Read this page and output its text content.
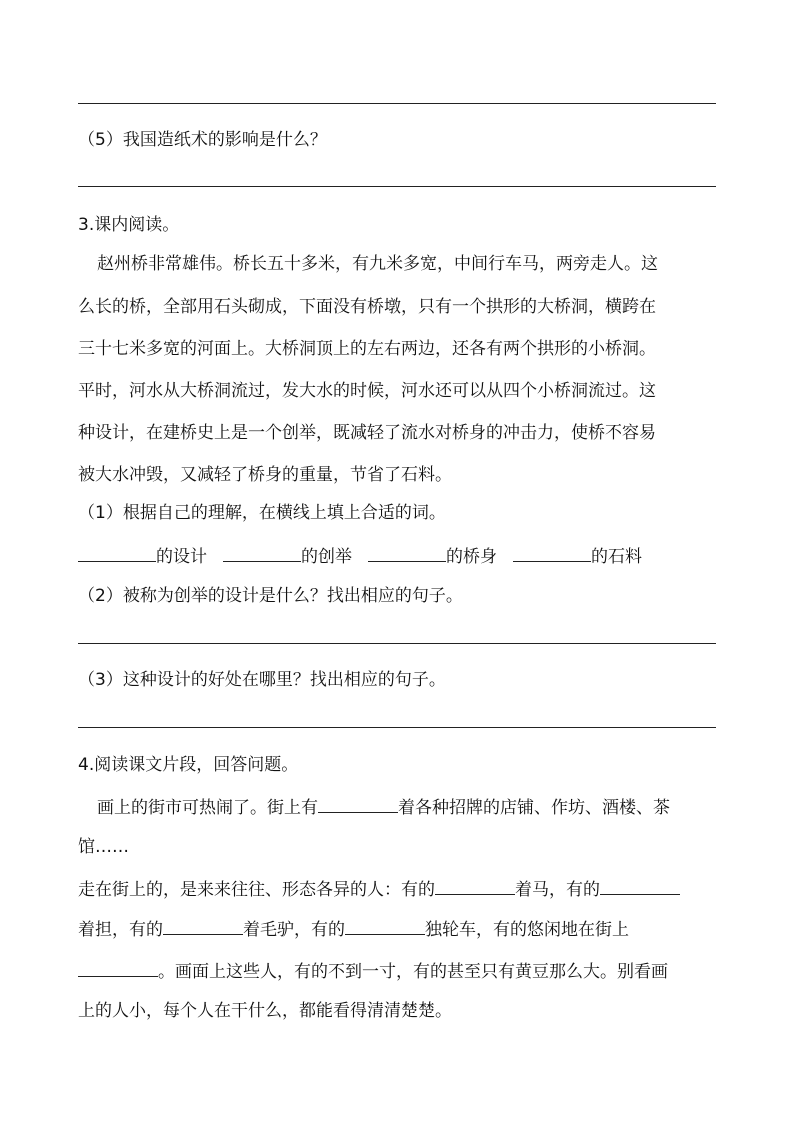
（5）我国造纸术的影响是什么？
3.课内阅读。
赵州桥非常雄伟。桥长五十多米，有九米多宽，中间行车马，两旁走人。这
么长的桥，全部用石头砌成，下面没有桥墩，只有一个拱形的大桥洞，横跨在
三十七米多宽的河面上。大桥洞顶上的左右两边，还各有两个拱形的小桥洞。
平时，河水从大桥洞流过，发大水的时候，河水还可以从四个小桥洞流过。这
种设计，在建桥史上是一个创举，既减轻了流水对桥身的冲击力，使桥不容易
被大水冲毁，又减轻了桥身的重量，节省了石料。
（1）根据自己的理解，在横线上填上合适的词。
的设计	的创举	的桥身	的石料
（2）被称为创举的设计是什么？找出相应的句子。
（3）这种设计的好处在哪里？找出相应的句子。
4.阅读课文片段，回答问题。
画上的街市可热闹了。街上有	着各种招牌的店铺、作坊、酒楼、茶
馆……
走在街上的，是来来往往、形态各异的人：有的	着马，有的
着担，有的	着毛驴，有的	独轮车，有的悠闲地在街上
。画面上这些人，有的不到一寸，有的甚至只有黄豆那么大。别看画
上的人小，每个人在干什么，都能看得清清楚楚。
